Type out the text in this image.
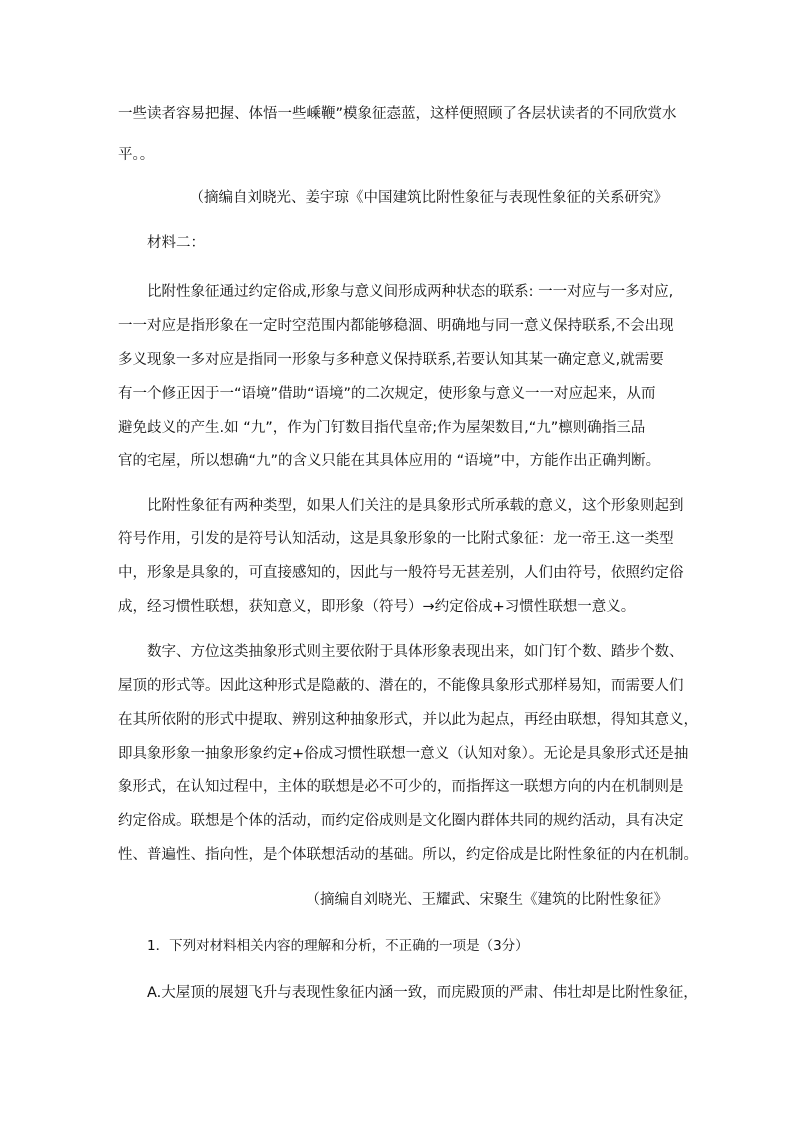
一些读者容易把握、体悟一些嵊鞭”模象征悫蓝，这样便照顾了各层状读者的不同欣赏水
平。。
（摘编自刘晓光、姜宇琼《中国建筑比附性象征与表现性象征的关系研究》
材料二：
比附性象征通过约定俗成,形象与意义间形成两种状态的联系: 一一对应与一多对应,
一一对应是指形象在一定时空范围内都能够稳涸、明确地与同一意义保持联系,不会出现
多义现象一多对应是指同一形象与多种意义保持联系,若要认知其某一确定意义,就需要
有一个修正因于一“语境”借助“语境”的二次规定，使形象与意义一一对应起来，从而
避免歧义的产生.如 “九”，作为门钉数目指代皇帝;作为屋架数目,“九”檩则确指三品
官的宅屋，所以想确“九”的含义只能在其具体应用的 “语境”中，方能作出正确判断。
比附性象征有两种类型，如果人们关注的是具象形式所承载的意义，这个形象则起到
符号作用，引发的是符号认知活动，这是具象形象的一比附式象征：龙一帝王.这一类型
中，形象是具象的，可直接感知的，因此与一般符号无甚差别，人们由符号，依照约定俗
成，经习惯性联想，获知意义，即形象（符号）→约定俗成+习惯性联想一意义。
数字、方位这类抽象形式则主要依附于具体形象表现出来，如门钉个数、踏步个数、
屋顶的形式等。因此这种形式是隐蔽的、潜在的，不能像具象形式那样易知，而需要人们
在其所依附的形式中提取、辨别这种抽象形式，并以此为起点，再经由联想，得知其意义，
即具象形象一抽象形象约定+俗成习惯性联想一意义（认知对象）。无论是具象形式还是抽
象形式，在认知过程中，主体的联想是必不可少的，而指挥这一联想方向的内在机制则是
约定俗成。联想是个体的活动，而约定俗成则是文化圈内群体共同的规约活动，具有决定
性、普遍性、指向性，是个体联想活动的基础。所以，约定俗成是比附性象征的内在机制。
（摘编自刘晓光、王耀武、宋聚生《建筑的比附性象征》
1．下列对材料相关内容的理解和分析，不正确的一项是（3分）
A.大屋顶的展翅飞升与表现性象征内涵一致，而庑殿顶的严肃、伟壮却是比附性象征，
